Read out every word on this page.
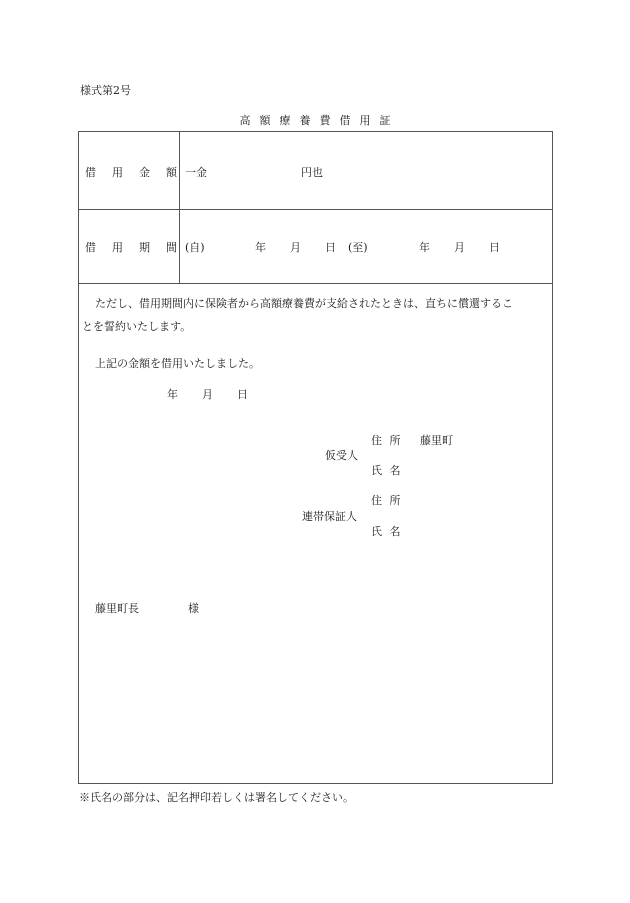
様式第2号
高額療養費借用証
借 用 金 額 一金	円也
借 用 期 間 (自)	年 月 日 (至)	年 月 日
ただし、借用期間内に保険者から高額療養費が支給されたときは、直ちに償還するこ
とを誓約いたします。
上記の金額を借用いたしました。
年 月 日
仮受人
住 所 藤里町
氏 名
連帯保証人
住 所
氏 名
藤里町長	様
※氏名の部分は、記名押印若しくは署名してください。
